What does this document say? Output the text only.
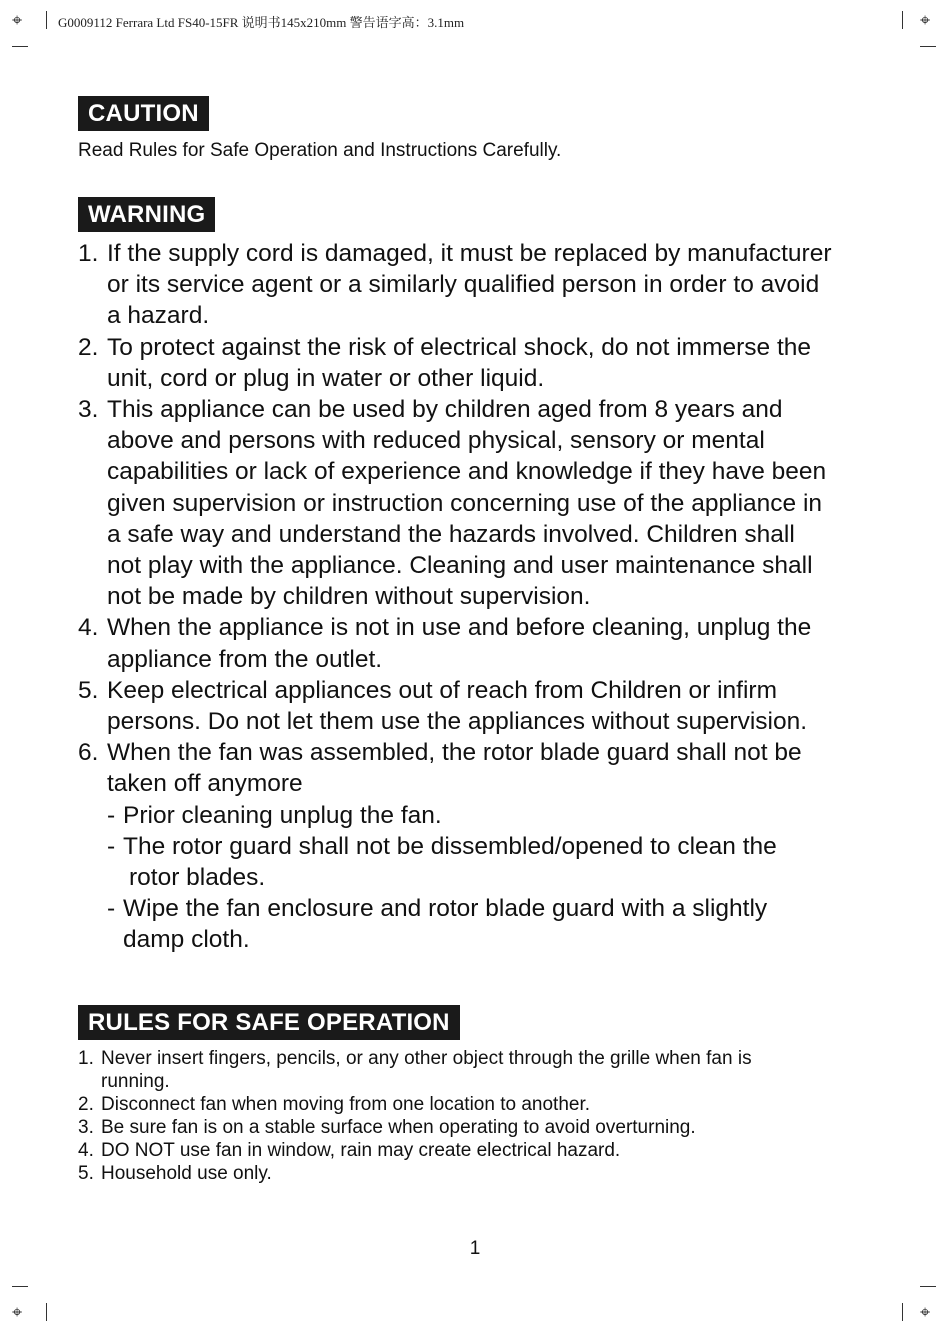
⌖	⌖
⌖	⌖
G0009112 Ferrara Ltd FS40-15FR 说明书145x210mm 警告语字高：3.1mm
CAUTION
Read Rules for Safe Operation and Instructions Carefully.
WARNING
1. If the supply cord is damaged, it must be replaced by manufacturer
or its service agent or a similarly qualified person in order to avoid
a hazard.
2. To protect against the risk of electrical shock, do not immerse the
unit, cord or plug in water or other liquid.
3. This appliance can be used by children aged from 8 years and
above and persons with reduced physical, sensory or mental
capabilities or lack of experience and knowledge if they have been
given supervision or instruction concerning use of the appliance in
a safe way and understand the hazards involved. Children shall
not play with the appliance. Cleaning and user maintenance shall
not be made by children without supervision.
4. When the appliance is not in use and before cleaning, unplug the
appliance from the outlet.
5. Keep electrical appliances out of reach from Children or infirm
persons. Do not let them use the appliances without supervision.
6. When the fan was assembled, the rotor blade guard shall not be
taken off anymore
- Prior cleaning unplug the fan.
- The rotor guard shall not be dissembled/opened to clean the
rotor blades.
- Wipe the fan enclosure and rotor blade guard with a slightly
damp cloth.
RULES FOR SAFE OPERATION
1. Never insert fingers, pencils, or any other object through the grille when fan is
running.
2. Disconnect fan when moving from one location to another.
3. Be sure fan is on a stable surface when operating to avoid overturning.
4. DO NOT use fan in window, rain may create electrical hazard.
5. Household use only.
1
